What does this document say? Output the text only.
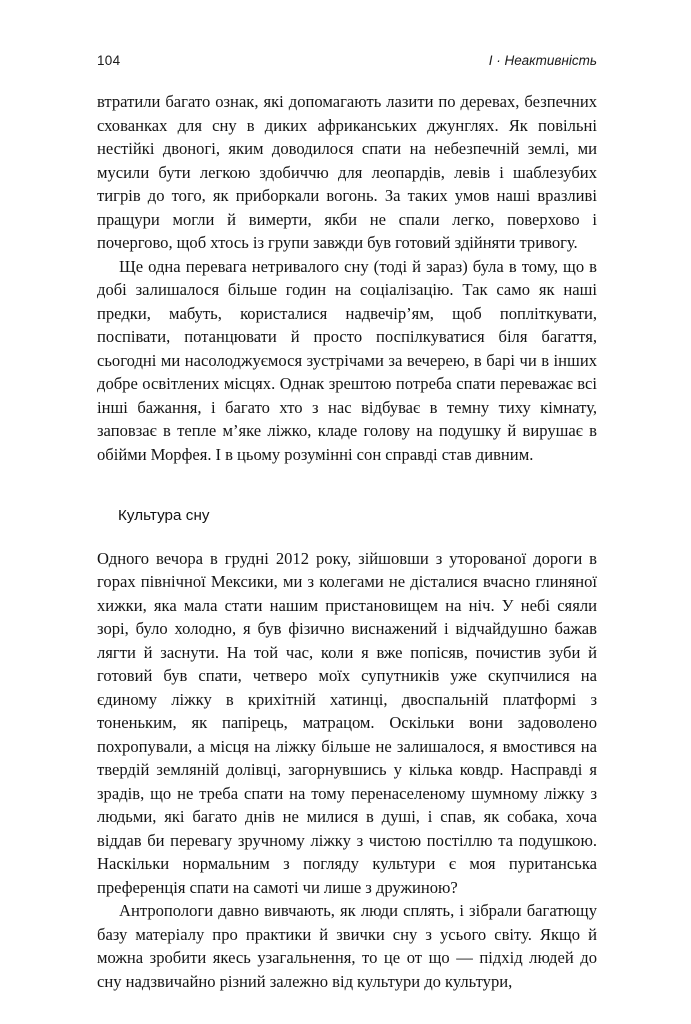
104	I · Неактивність

втратили багато ознак, які допомагають лазити по деревах, безпечних схованках для сну в диких африканських джунглях. Як повільні нестійкі двоногі, яким доводилося спати на небезпечній землі, ми мусили бути легкою здобиччю для леопардів, левів і шаблезубих тигрів до того, як приборкали вогонь. За таких умов наші вразливі пращури могли й вимерти, якби не спали легко, поверхово і почергово, щоб хтось із групи завжди був готовий здійняти тривогу.

Ще одна перевага нетривалого сну (тоді й зараз) була в тому, що в добі залишалося більше годин на соціалізацію. Так само як наші предки, мабуть, користалися надвечір’ям, щоб попліткувати, поспівати, потанцювати й просто поспілкуватися біля багаття, сьогодні ми насолоджуємося зустрічами за вечерею, в барі чи в інших добре освітлених місцях. Однак зрештою потреба спати переважає всі інші бажання, і багато хто з нас відбуває в темну тиху кімнату, заповзає в тепле м’яке ліжко, кладе голову на подушку й вирушає в обійми Морфея. І в цьому розумінні сон справді став дивним.

Культура сну

Одного вечора в грудні 2012 року, зійшовши з уторованої дороги в горах північної Мексики, ми з колегами не дісталися вчасно глиняної хижки, яка мала стати нашим пристановищем на ніч. У небі сяяли зорі, було холодно, я був фізично виснажений і відчайдушно бажав лягти й заснути. На той час, коли я вже попісяв, почистив зуби й готовий був спати, четверо моїх супутників уже скупчилися на єдиному ліжку в крихітній хатинці, двоспальній платформі з тоненьким, як папірець, матрацом. Оскільки вони задоволено похропували, а місця на ліжку більше не залишалося, я вмостився на твердій земляній долівці, загорнувшись у кілька ковдр. Насправді я зрадів, що не треба спати на тому перенаселеному шумному ліжку з людьми, які багато днів не милися в душі, і спав, як собака, хоча віддав би перевагу зручному ліжку з чистою постіллю та подушкою. Наскільки нормальним з погляду культури є моя пуританська преференція спати на самоті чи лише з дружиною?

Антропологи давно вивчають, як люди сплять, і зібрали багатющу базу матеріалу про практики й звички сну з усього світу. Якщо й можна зробити якесь узагальнення, то це от що — підхід людей до сну надзвичайно різний залежно від культури до культури,
